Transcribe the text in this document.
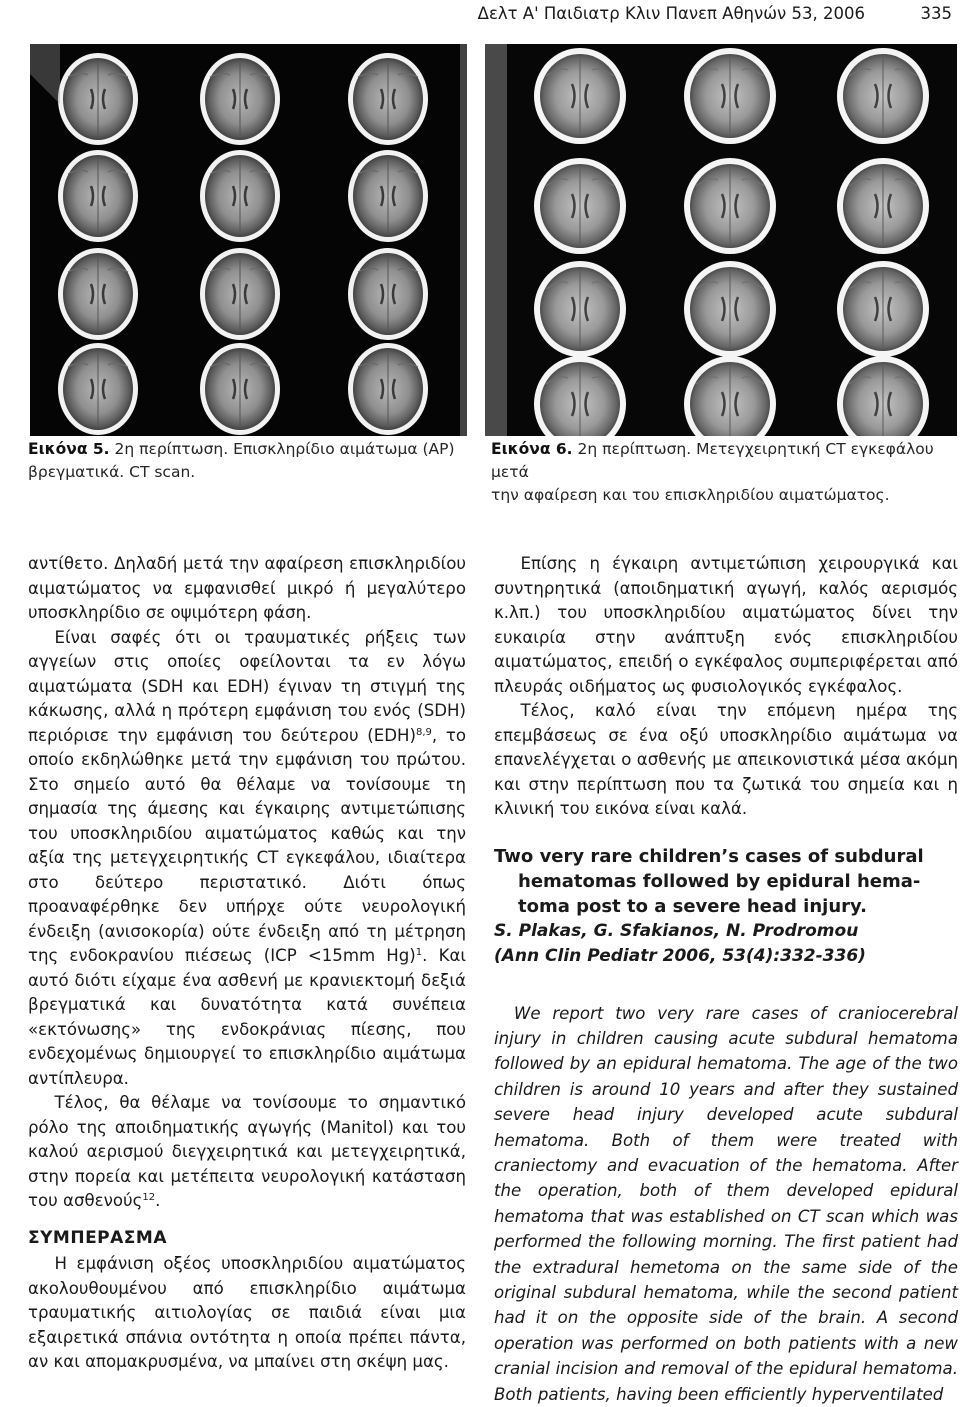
Δελτ Α' Παιδιατρ Κλιν Πανεπ Αθηνών 53, 2006	335
Εικόνα 5. 2η περίπτωση. Επισκληρίδιο αιμάτωμα (ΑΡ)
βρεγματικά. CT scan.
Εικόνα 6. 2η περίπτωση. Μετεγχειρητική CT εγκεφάλου μετά
την αφαίρεση και του επισκληριδίου αιματώματος.

αντίθετο. Δηλαδή μετά την αφαίρεση επισκληριδίου αιματώματος να εμφανισθεί μικρό ή μεγαλύτερο υποσκληρίδιο σε οψιμότερη φάση.

Είναι σαφές ότι οι τραυματικές ρήξεις των αγγείων στις οποίες οφείλονται τα εν λόγω αιματώματα (SDH και EDH) έγιναν τη στιγμή της κάκωσης, αλλά η πρότερη εμφάνιση του ενός (SDH) περιόρισε την εμφάνιση του δεύτερου (EDH)$^{8,9}$, το οποίο εκδηλώθηκε μετά την εμφάνιση του πρώτου. Στο σημείο αυτό θα θέλαμε να τονίσουμε τη σημασία της άμεσης και έγκαιρης αντιμετώπισης του υποσκληριδίου αιματώματος καθώς και την αξία της μετεγχειρητικής CT εγκεφάλου, ιδιαίτερα στο δεύτερο περιστατικό. Διότι όπως προαναφέρθηκε δεν υπήρχε ούτε νευρολογική ένδειξη (ανισοκορία) ούτε ένδειξη από τη μέτρηση της ενδοκρανίου πιέσεως (ICP <15mm Hg)$^1$. Και αυτό διότι είχαμε ένα ασθενή με κρανιεκτομή δεξιά βρεγματικά και δυνατότητα κατά συνέπεια «εκτόνωσης» της ενδοκράνιας πίεσης, που ενδεχομένως δημιουργεί το επισκληρίδιο αιμάτωμα αντίπλευρα.

Τέλος, θα θέλαμε να τονίσουμε το σημαντικό ρόλο της αποιδηματικής αγωγής (Manitol) και του καλού αερισμού διεγχειρητικά και μετεγχειρητικά, στην πορεία και μετέπειτα νευρολογική κατάσταση του ασθενούς$^{12}$.

ΣΥΜΠΕΡΑΣΜΑ

Η εμφάνιση οξέος υποσκληριδίου αιματώματος ακολουθουμένου από επισκληρίδιο αιμάτωμα τραυματικής αιτιολογίας σε παιδιά είναι μια εξαιρετικά σπάνια οντότητα η οποία πρέπει πάντα, αν και απομακρυσμένα, να μπαίνει στη σκέψη μας.

Επίσης η έγκαιρη αντιμετώπιση χειρουργικά και συντηρητικά (αποιδηματική αγωγή, καλός αερισμός κ.λπ.) του υποσκληριδίου αιματώματος δίνει την ευκαιρία στην ανάπτυξη ενός επισκληριδίου αιματώματος, επειδή ο εγκέφαλος συμπεριφέρεται από πλευράς οιδήματος ως φυσιολογικός εγκέφαλος.

Τέλος, καλό είναι την επόμενη ημέρα της επεμβάσεως σε ένα οξύ υποσκληρίδιο αιμάτωμα να επανελέγχεται ο ασθενής με απεικονιστικά μέσα ακόμη και στην περίπτωση που τα ζωτικά του σημεία και η κλινική του εικόνα είναι καλά.

Two very rare children’s cases of subdural
hematomas followed by epidural hema-
toma post to a severe head injury.

S. Plakas, G. Sfakianos, N. Prodromou

(Ann Clin Pediatr 2006, 53(4):332-336)

We report two very rare cases of craniocerebral injury in children causing acute subdural hematoma followed by an epidural hematoma. The age of the two children is around 10 years and after they sustained severe head injury developed acute subdural hematoma. Both of them were treated with craniectomy and evacuation of the hematoma. After the operation, both of them developed epidural hematoma that was established on CT scan which was performed the following morning. The first patient had the extradural hemetoma on the same side of the original subdural hematoma, while the second patient had it on the opposite side of the brain. A second operation was performed on both patients with a new cranial incision and removal of the epidural hematoma. Both patients, having been efficiently hyperventilated
